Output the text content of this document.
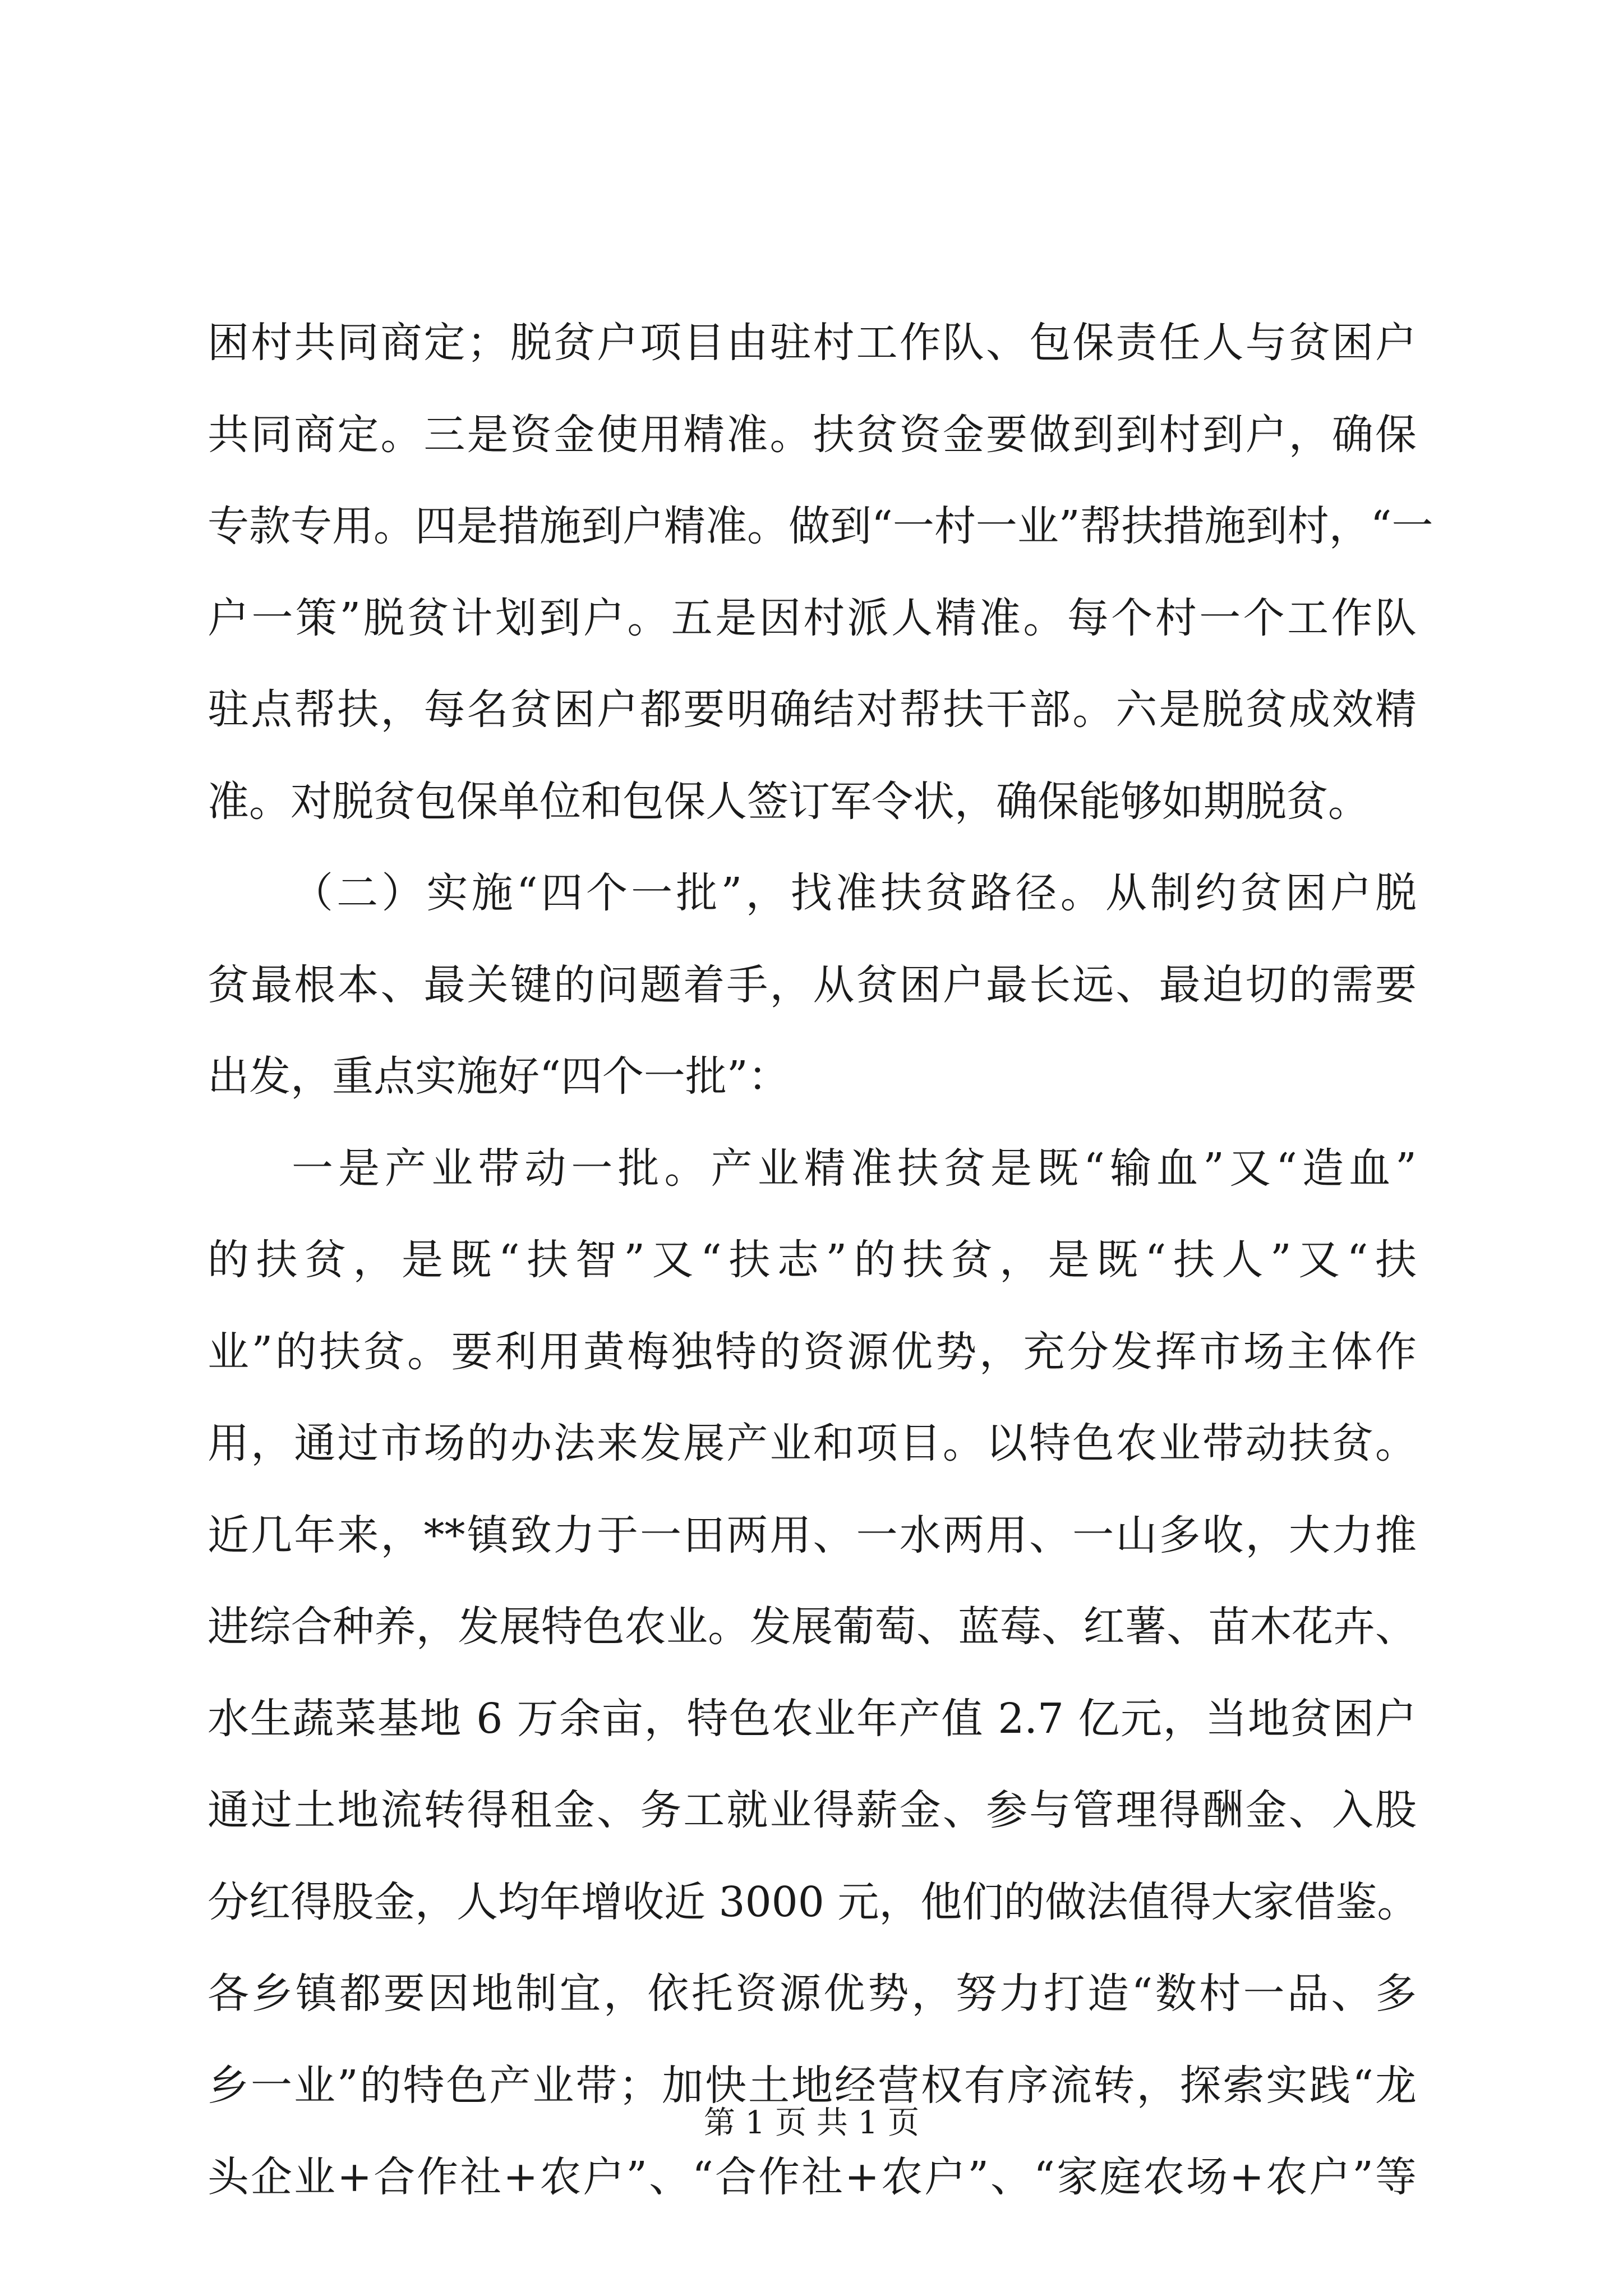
困村共同商定；脱贫户项目由驻村工作队、包保责任人与贫困户
共同商定。三是资金使用精准。扶贫资金要做到到村到户，确保
专款专用。四是措施到户精准。做到“一村一业”帮扶措施到村，“一
户一策”脱贫计划到户。五是因村派人精准。每个村一个工作队
驻点帮扶，每名贫困户都要明确结对帮扶干部。六是脱贫成效精
准。对脱贫包保单位和包保人签订军令状，确保能够如期脱贫。
（二）实施“四个一批”，找准扶贫路径。从制约贫困户脱
贫最根本、最关键的问题着手，从贫困户最长远、最迫切的需要
出发，重点实施好“四个一批”：
一是产业带动一批。产业精准扶贫是既“输血”又“造血”
的扶贫，是既“扶智”又“扶志”的扶贫，是既“扶人”又“扶
业”的扶贫。要利用黄梅独特的资源优势，充分发挥市场主体作
用，通过市场的办法来发展产业和项目。以特色农业带动扶贫。
近几年来，**镇致力于一田两用、一水两用、一山多收，大力推
进综合种养，发展特色农业。发展葡萄、蓝莓、红薯、苗木花卉、
水生蔬菜基地 6 万余亩，特色农业年产值 2.7 亿元，当地贫困户
通过土地流转得租金、务工就业得薪金、参与管理得酬金、入股
分红得股金，人均年增收近 3000 元，他们的做法值得大家借鉴。
各乡镇都要因地制宜，依托资源优势，努力打造“数村一品、多
乡一业”的特色产业带；加快土地经营权有序流转，探索实践“龙
头企业+合作社+农户”、“合作社+农户”、“家庭农场+农户”等
第 1 页 共 1 页
